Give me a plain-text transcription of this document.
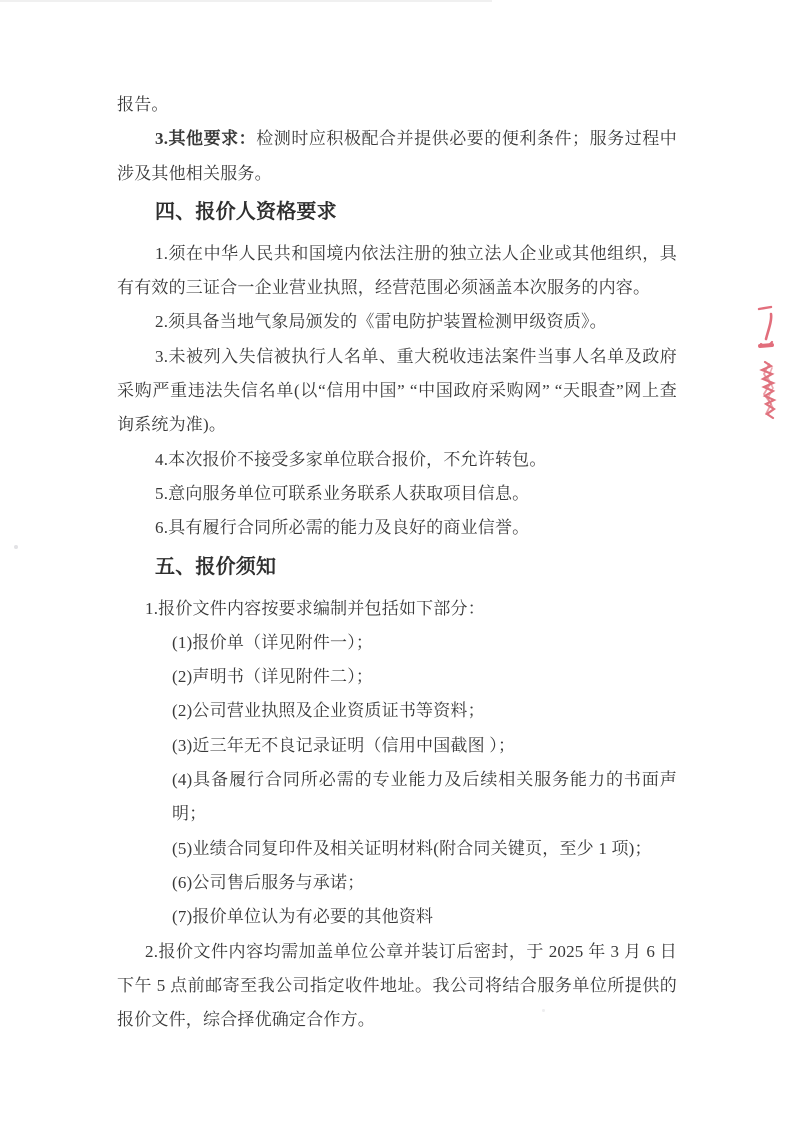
报告。

3.其他要求：检测时应积极配合并提供必要的便利条件；服务过程中涉及其他相关服务。

四、报价人资格要求

1.须在中华人民共和国境内依法注册的独立法人企业或其他组织，具有有效的三证合一企业营业执照，经营范围必须涵盖本次服务的内容。

2.须具备当地气象局颁发的《雷电防护装置检测甲级资质》。

3.未被列入失信被执行人名单、重大税收违法案件当事人名单及政府采购严重违法失信名单(以“信用中国” “中国政府采购网” “天眼查”网上查询系统为准)。

4.本次报价不接受多家单位联合报价，不允许转包。

5.意向服务单位可联系业务联系人获取项目信息。

6.具有履行合同所必需的能力及良好的商业信誉。

五、报价须知

1.报价文件内容按要求编制并包括如下部分：

(1)报价单（详见附件一）；

(2)声明书（详见附件二）；

(2)公司营业执照及企业资质证书等资料；

(3)近三年无不良记录证明（信用中国截图 ）；

(4)具备履行合同所必需的专业能力及后续相关服务能力的书面声明；

(5)业绩合同复印件及相关证明材料(附合同关键页，至少 1 项)；

(6)公司售后服务与承诺；

(7)报价单位认为有必要的其他资料

2.报价文件内容均需加盖单位公章并装订后密封，于 2025 年 3 月 6 日下午 5 点前邮寄至我公司指定收件地址。我公司将结合服务单位所提供的报价文件，综合择优确定合作方。
